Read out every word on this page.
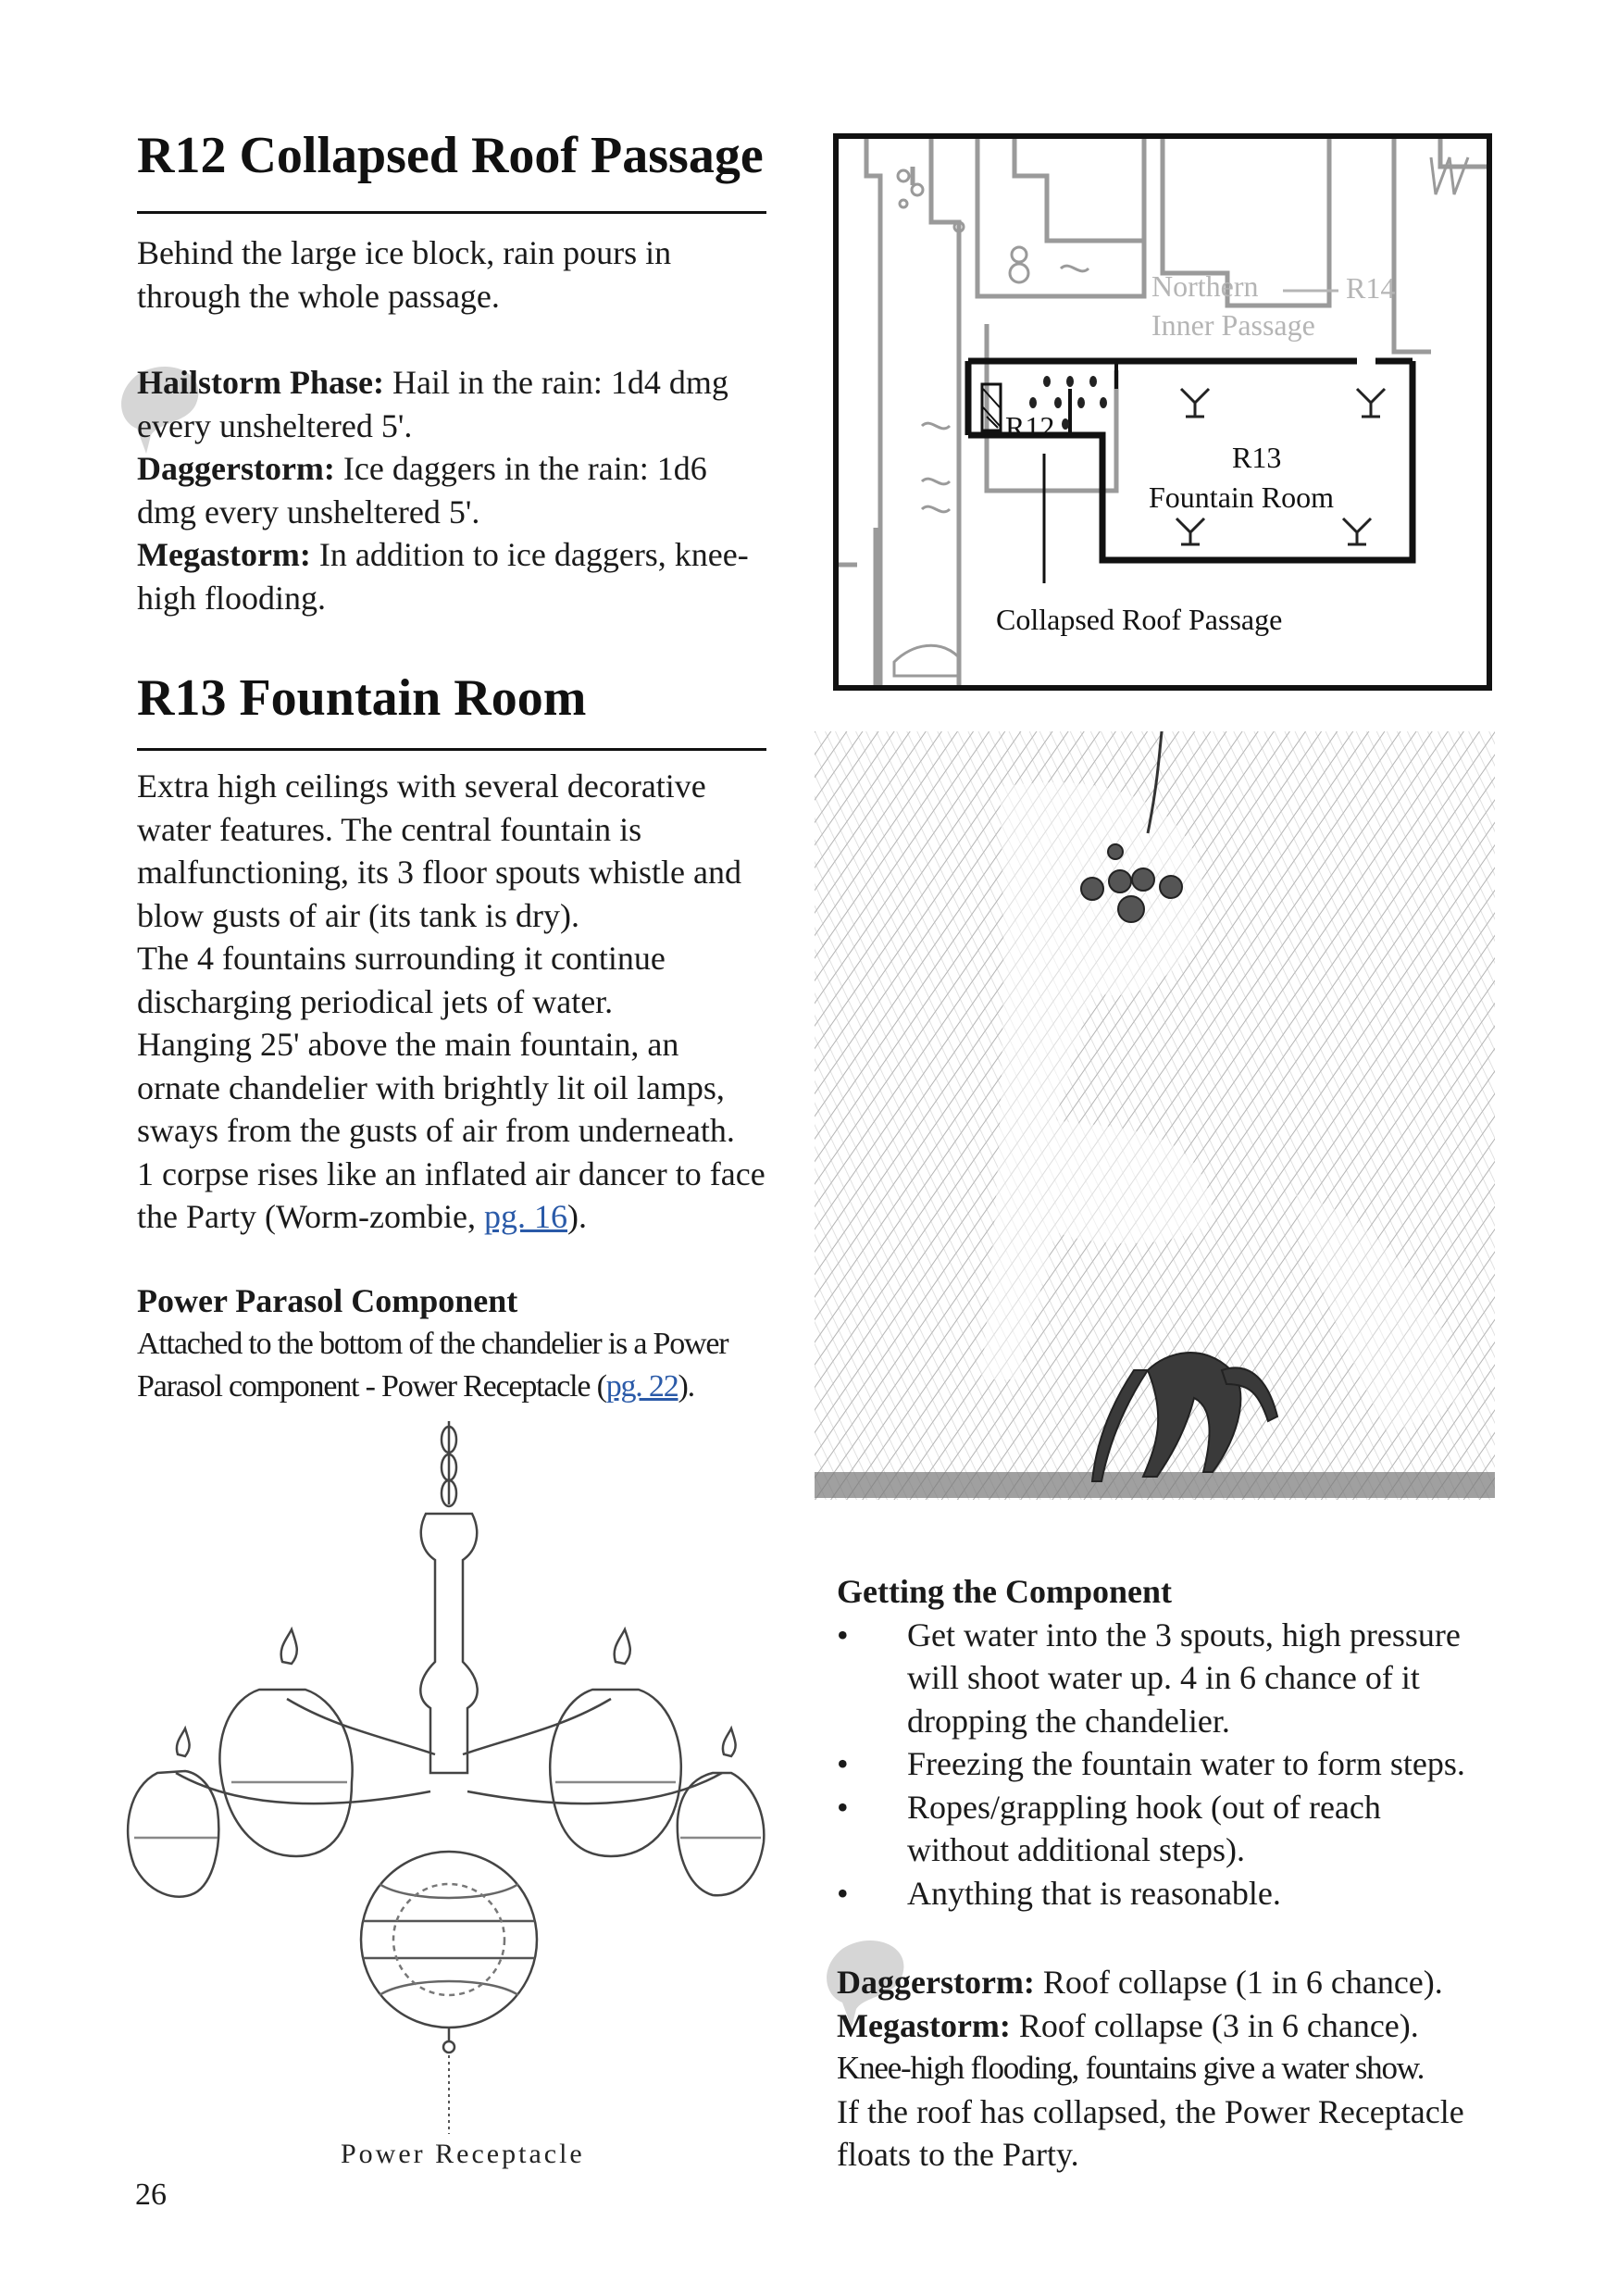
R12 Collapsed Roof Passage

Behind the large ice block, rain pours in

through the whole passage.

Hailstorm Phase: Hail in the rain: 1d4 dmg

every unsheltered 5'.

Daggerstorm: Ice daggers in the rain: 1d6

dmg every unsheltered 5'.

Megastorm: In addition to ice daggers, knee-

high flooding.

Northern
Inner Passage
R14
R12
R13
Fountain Room
Collapsed Roof Passage
R13 Fountain Room

Extra high ceilings with several decorative

water features. The central fountain is

malfunctioning, its 3 floor spouts whistle and

blow gusts of air (its tank is dry).

The 4 fountains surrounding it continue

discharging periodical jets of water.

Hanging 25' above the main fountain, an

ornate chandelier with brightly lit oil lamps,

sways from the gusts of air from underneath.

1 corpse rises like an inflated air dancer to face

the Party (Worm-zombie, pg. 16).

Power Parasol Component

Attached to the bottom of the chandelier is a Power

Parasol component - Power Receptacle (pg. 22).

Power Receptacle
26

Getting the Component

• Get water into the 3 spouts, high pressure

will shoot water up. 4 in 6 chance of it

dropping the chandelier.

• Freezing the fountain water to form steps.

• Ropes/grappling hook (out of reach

without additional steps).

• Anything that is reasonable.

Daggerstorm: Roof collapse (1 in 6 chance).

Megastorm: Roof collapse (3 in 6 chance).

Knee-high flooding, fountains give a water show.

If the roof has collapsed, the Power Receptacle

floats to the Party.
